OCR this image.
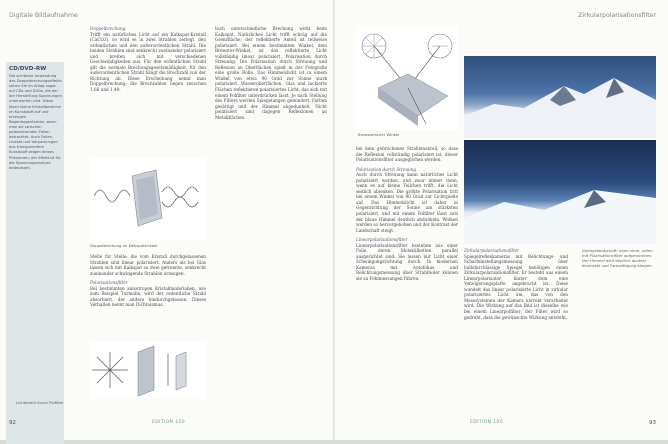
Digitale Bildaufnahme
CD/DVD-RW
Die sichtbare Anwendung des Doppelbrechungseffekts sehen Sie im Alltag sogar auf CDs und DVDs, die bei der Herstellung Spannungen unterworfen sind. Diese lösen kleine Kristallbereiche im Kunststoff auf und erzeugen Regenbogenfarben, wenn man sie zwischen polarisierenden Folien betrachtet. Auch Folien, Lineale und Verpackungen aus transparentem Kunststoff zeigen dieses Phänomen; der Effekt ist für die Spannungsanalyse bedeutsam.
Doppelbrechung
Trifft ein natürliches Licht auf ein Kalkspat-Kristall (CaCO3), so wird es in zwei Strahlen zerlegt, den ordentlichen und den außerordentlichen Strahl. Die beiden Strahlen sind senkrecht zueinander polarisiert und breiten sich mit verschiedenen Geschwindigkeiten aus. Für den ordentlichen Strahl gilt die normale Brechungsgesetzmäßigkeit, für den außerordentlichen Strahl hängt die Brechzahl von der Richtung ab. Diese Erscheinung nennt man Doppelbrechung; die Brechzahlen liegen zwischen 1,66 und 1,49.
Doppelbrechung im Kalkspatkristall
Stelle für Stelle: die vom Kristall durchgelassenen Strahlen sind linear polarisiert. Anders als bei Glas lassen sich mit Kalkspat so zwei getrennte, senkrecht zueinander schwingende Strahlen erzeugen.
Polarisationsfilter
Bei bestimmten anisotropen Kristallmaterialien, wie zum Beispiel Turmalin, wird der ordentliche Strahl absorbiert, der andere hindurchgelassen. Dieses Verhalten nennt man Dichroismus.
Lichtstrahl durch Polfilter
lisch unterschiedliche Brechung wirkt beim Kalkspat. Natürliches Licht trifft schräg auf die Grenzfläche; der reflektierte Anteil ist teilweise polarisiert. Bei einem bestimmten Winkel, dem Brewster-Winkel, ist das reflektierte Licht vollständig linear polarisiert. Polarisation durch Streuung: Die Polarisation durch Streuung und Reflexion an Oberflächen spielt in der Fotografie eine große Rolle. Das Himmelslicht ist in einem Winkel von etwa 90 Grad zur Sonne stark polarisiert. Wasseroberflächen, Glas und lackierte Flächen reflektieren polarisiertes Licht, das sich mit einem Polfilter unterdrücken lässt. Je nach Stellung des Filters werden Spiegelungen gemindert, Farben gesättigt und der Himmel abgedunkelt. Nicht polarisiert sind dagegen Reflexionen an Metallflächen.
92	EDITION 100
Zirkularpolarisationsfilter
Brewsterscher Winkel
bei kein gebrochenes Strahlenanteil, so dass die Reflexion vollständig polarisiert ist; dieser Polarisationsfilter ausgeglichen werden.
Polarisation durch Streuung
Auch durch Streuung kann natürliches Licht polarisiert werden, und zwar immer dann, wenn es auf kleine Teilchen trifft, die Licht seitlich ablenken. Die größte Polarisation tritt bei einem Winkel von 90 Grad zur Lichtquelle auf. Das Himmelslicht ist daher in Gegenrichtung der Sonne am stärksten polarisiert, und mit einem Polfilter lässt sich der blaue Himmel deutlich abdunkeln. Wolken werden so hervorgehoben und der Kontrast der Landschaft steigt.
Linearpolarisationsfilter
Linearpolarisationsfilter bestehen aus einer Folie, deren Molekülketten parallel ausgerichtet sind. Sie lassen nur Licht einer Schwingungsrichtung durch. In modernen Kameras mit Autofokus und Belichtungsmessung über Strahlteiler können sie zu Fehlmessungen führen.
Zirkularpolarisationsfilter
Spiegelreflexkameras mit Belichtungs- und Scharfeinstellungsmessung über halbdurchlässige Spiegel benötigen einen Zirkularpolarisationsfilter. Er besteht aus einem Linearpolarisator, hinter dem eine Verzögerungsplatte angebracht ist. Diese wandelt das linear polarisierte Licht in zirkular polarisiertes Licht um, das von den Messsystemen der Kamera korrekt verarbeitet wird. Die Wirkung auf das Bild ist dieselbe wie bei einem Linearpolfilter; der Filter wird so gedreht, dass die gewünschte Wirkung entsteht.
Gebirgslandschaft: oben ohne, unten mit Polarisationsfilter aufgenommen. Der Himmel wird deutlich dunkler, Kontraste und Farbsättigung steigen.
EDITION 100	93
